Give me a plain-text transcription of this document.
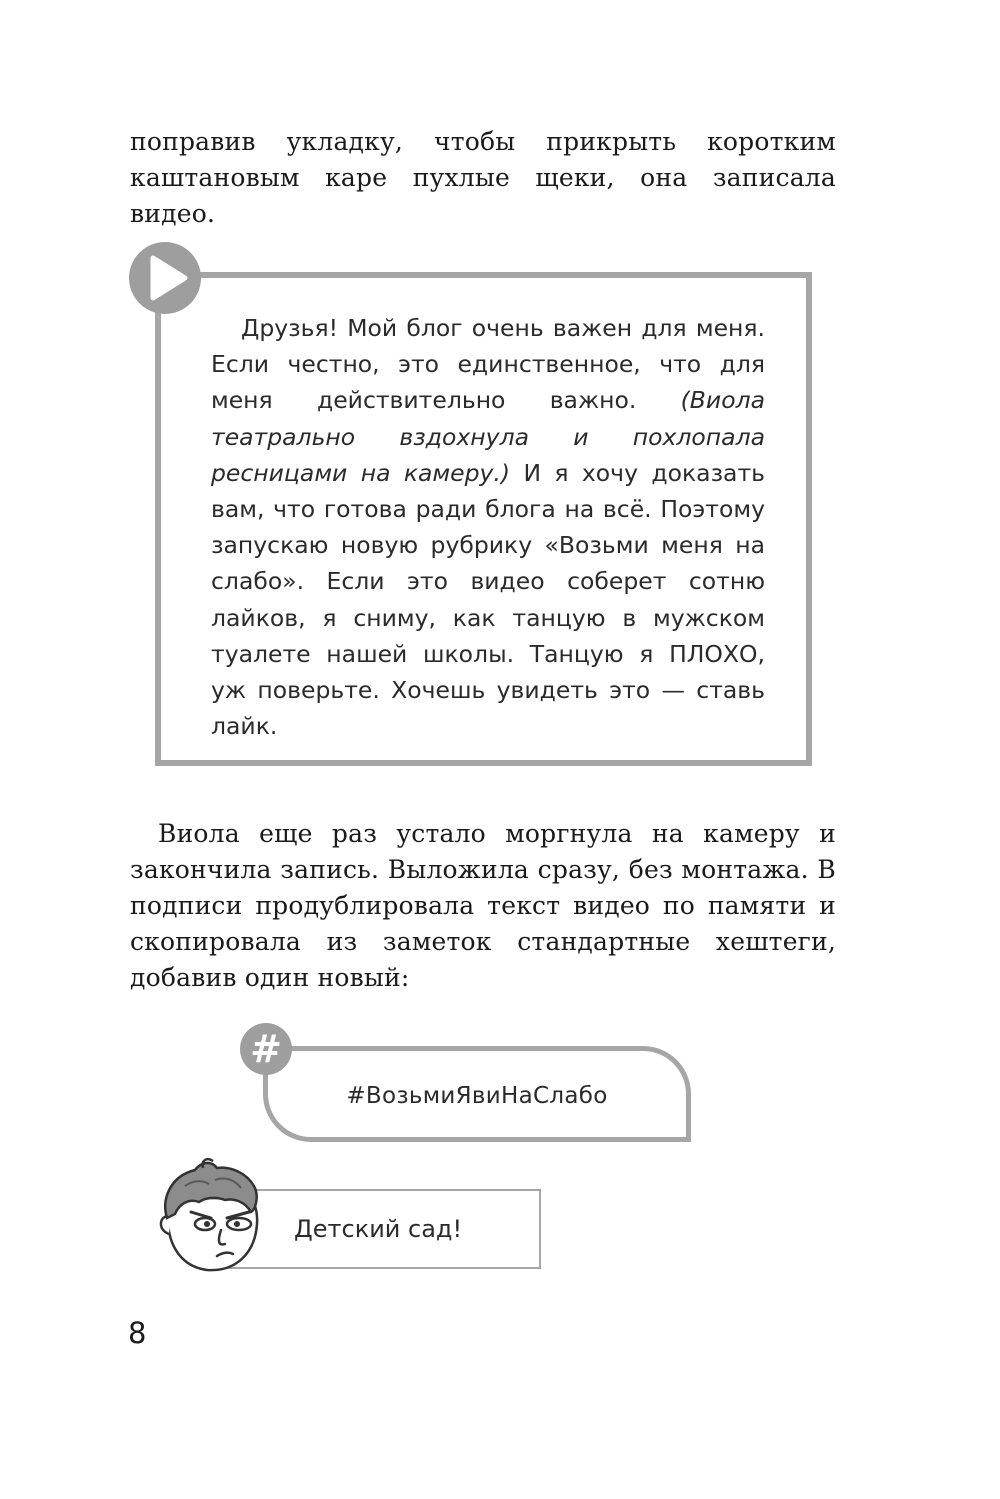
поправив укладку, чтобы прикрыть коротким каштановым каре пухлые щеки, она записала видео.
Друзья! Мой блог очень важен для меня. Если честно, это единственное, что для меня действительно важно. (Виола театрально вздохнула и похлопала ресницами на камеру.) И я хочу доказать вам, что готова ради блога на всё. Поэтому запускаю новую рубрику «Возьми меня на слабо». Если это видео соберет сотню лайков, я сниму, как танцую в мужском туалете нашей школы. Танцую я ПЛОХО, уж поверьте. Хочешь увидеть это — ставь лайк.
Виола еще раз устало моргнула на камеру и закончила запись. Выложила сразу, без монтажа. В подписи продублировала текст видео по памяти и скопировала из заметок стандартные хештеги, добавив один новый:
#ВозьмиЯвиНаСлабо
#
Детский сад!
8
